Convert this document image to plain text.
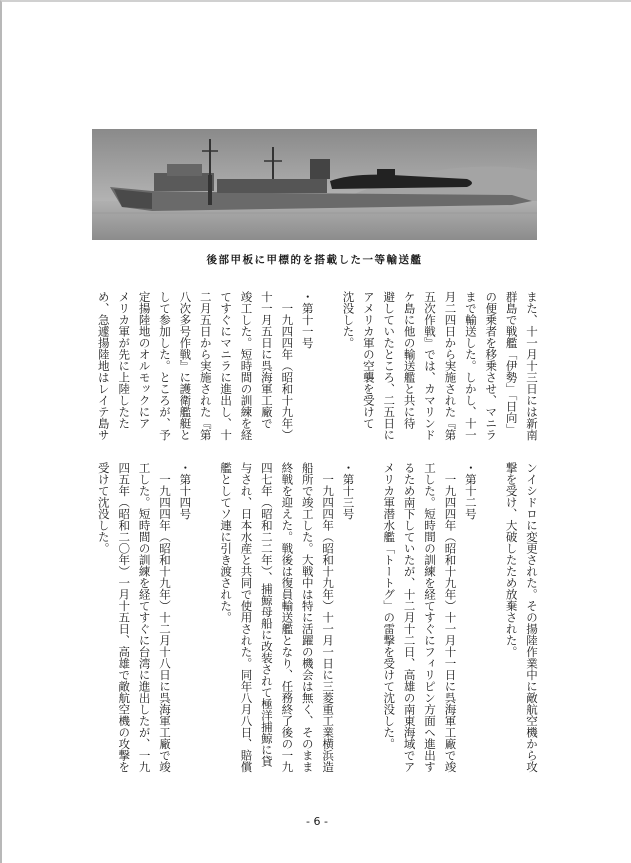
後部甲板に甲標的を搭載した一等輸送艦
また、十一月十三日には新南
群島で戦艦「伊勢」「日向」
の便乗者を移乗させ、マニラ
まで輸送した。しかし、十一
月二四日から実施された『第
五次作戦』では、カマリンド
ケ島に他の輸送艦と共に待
避していたところ、二五日に
アメリカ軍の空襲を受けて
沈没した。
・第十一号
　一九四四年（昭和十九年）
十一月五日に呉海軍工廠で
竣工した。短時間の訓練を経
てすぐにマニラに進出し、十
二月五日から実施された『第
八次多号作戦』に護衛艦艇と
して参加した。ところが、予
定揚陸地のオルモックにア
メリカ軍が先に上陸したた
め、急遽揚陸地はレイテ島サ
ンイシドロに変更された。その揚陸作業中に敵航空機から攻
撃を受け、大破したため放棄された。
・第十二号
　一九四四年（昭和十九年）十一月十一日に呉海軍工廠で竣
工した。短時間の訓練を経てすぐにフィリピン方面へ進出す
るため南下していたが、十二月十二日、高雄の南東海域でア
メリカ軍潜水艦「トートグ」の雷撃を受けて沈没した。
・第十三号
　一九四四年（昭和十九年）十一月一日に三菱重工業横浜造
船所で竣工した。大戦中は特に活躍の機会は無く、そのまま
終戦を迎えた。戦後は復員輸送艦となり、任務終了後の一九
四七年（昭和二二年）、捕鯨母船に改装されて極洋捕鯨に貸
与され、日本水産と共同で使用された。同年八月八日、賠償
艦としてソ連に引き渡された。
・第十四号
　一九四四年（昭和十九年）十二月十八日に呉海軍工廠で竣
工した。短時間の訓練を経てすぐに台湾に進出したが、一九
四五年（昭和二〇年）一月十五日、高雄で敵航空機の攻撃を
受けて沈没した。
- 6 -
